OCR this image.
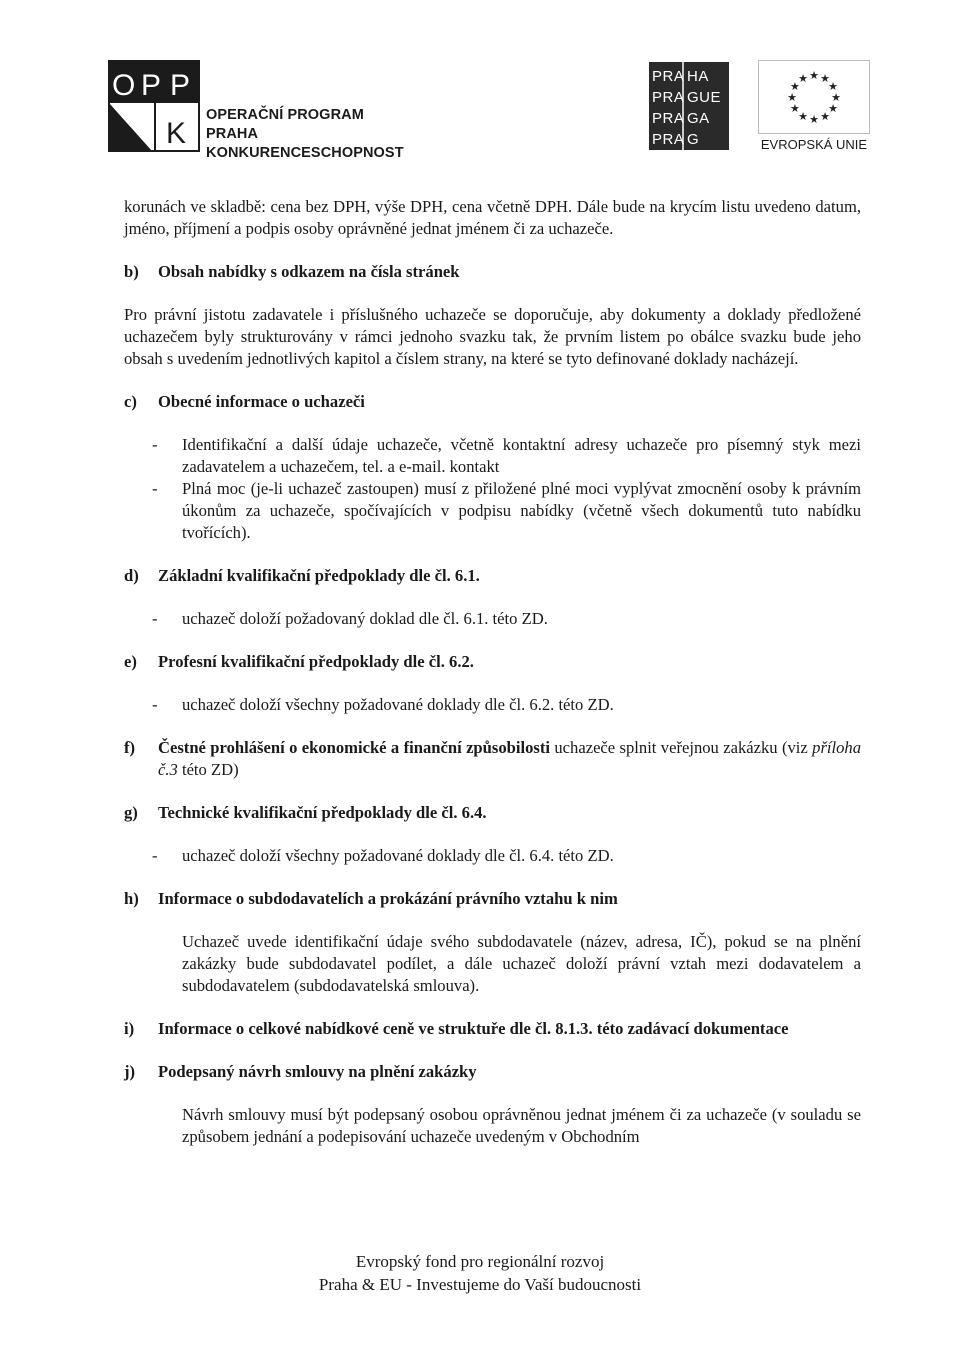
O P P
K
OPERAČNÍ PROGRAM PRAHA
KONKURENCESCHOPNOST
PRA
PRA
PRA
PRA
HA
GUE
GA
G
★ ★
★
★
★
★
★
★
★
★
★
★
EVROPSKÁ UNIE

korunách ve skladbě: cena bez DPH, výše DPH, cena včetně DPH. Dále bude na krycím listu uvedeno datum, jméno, příjmení a podpis osoby oprávněné jednat jménem či za uchazeče.

b) Obsah nabídky s odkazem na čísla stránek

Pro právní jistotu zadavatele i příslušného uchazeče se doporučuje, aby dokumenty a doklady předložené uchazečem byly strukturovány v rámci jednoho svazku tak, že prvním listem po obálce svazku bude jeho obsah s uvedením jednotlivých kapitol a číslem strany, na které se tyto definované doklady nacházejí.

c) Obecné informace o uchazeči

- Identifikační a další údaje uchazeče, včetně kontaktní adresy uchazeče pro písemný styk mezi zadavatelem a uchazečem, tel. a e-mail. kontakt

- Plná moc (je-li uchazeč zastoupen) musí z přiložené plné moci vyplývat zmocnění osoby k právním úkonům za uchazeče, spočívajících v podpisu nabídky (včetně všech dokumentů tuto nabídku tvořících).

d) Základní kvalifikační předpoklady dle čl. 6.1.

- uchazeč doloží požadovaný doklad dle čl. 6.1. této ZD.

e) Profesní kvalifikační předpoklady dle čl. 6.2.

- uchazeč doloží všechny požadované doklady dle čl. 6.2. této ZD.

f) Čestné prohlášení o ekonomické a finanční způsobilosti uchazeče splnit veřejnou zakázku (viz příloha č.3 této ZD)

g) Technické kvalifikační předpoklady dle čl. 6.4.

- uchazeč doloží všechny požadované doklady dle čl. 6.4. této ZD.

h) Informace o subdodavatelích a prokázání právního vztahu k nim

Uchazeč uvede identifikační údaje svého subdodavatele (název, adresa, IČ), pokud se na plnění zakázky bude subdodavatel podílet, a dále uchazeč doloží právní vztah mezi dodavatelem a subdodavatelem (subdodavatelská smlouva).

i) Informace o celkové nabídkové ceně ve struktuře dle čl. 8.1.3. této zadávací dokumentace

j) Podepsaný návrh smlouvy na plnění zakázky

Návrh smlouvy musí být podepsaný osobou oprávněnou jednat jménem či za uchazeče (v souladu se způsobem jednání a podepisování uchazeče uvedeným v Obchodním

Evropský fond pro regionální rozvoj
Praha & EU - Investujeme do Vaší budoucnosti
